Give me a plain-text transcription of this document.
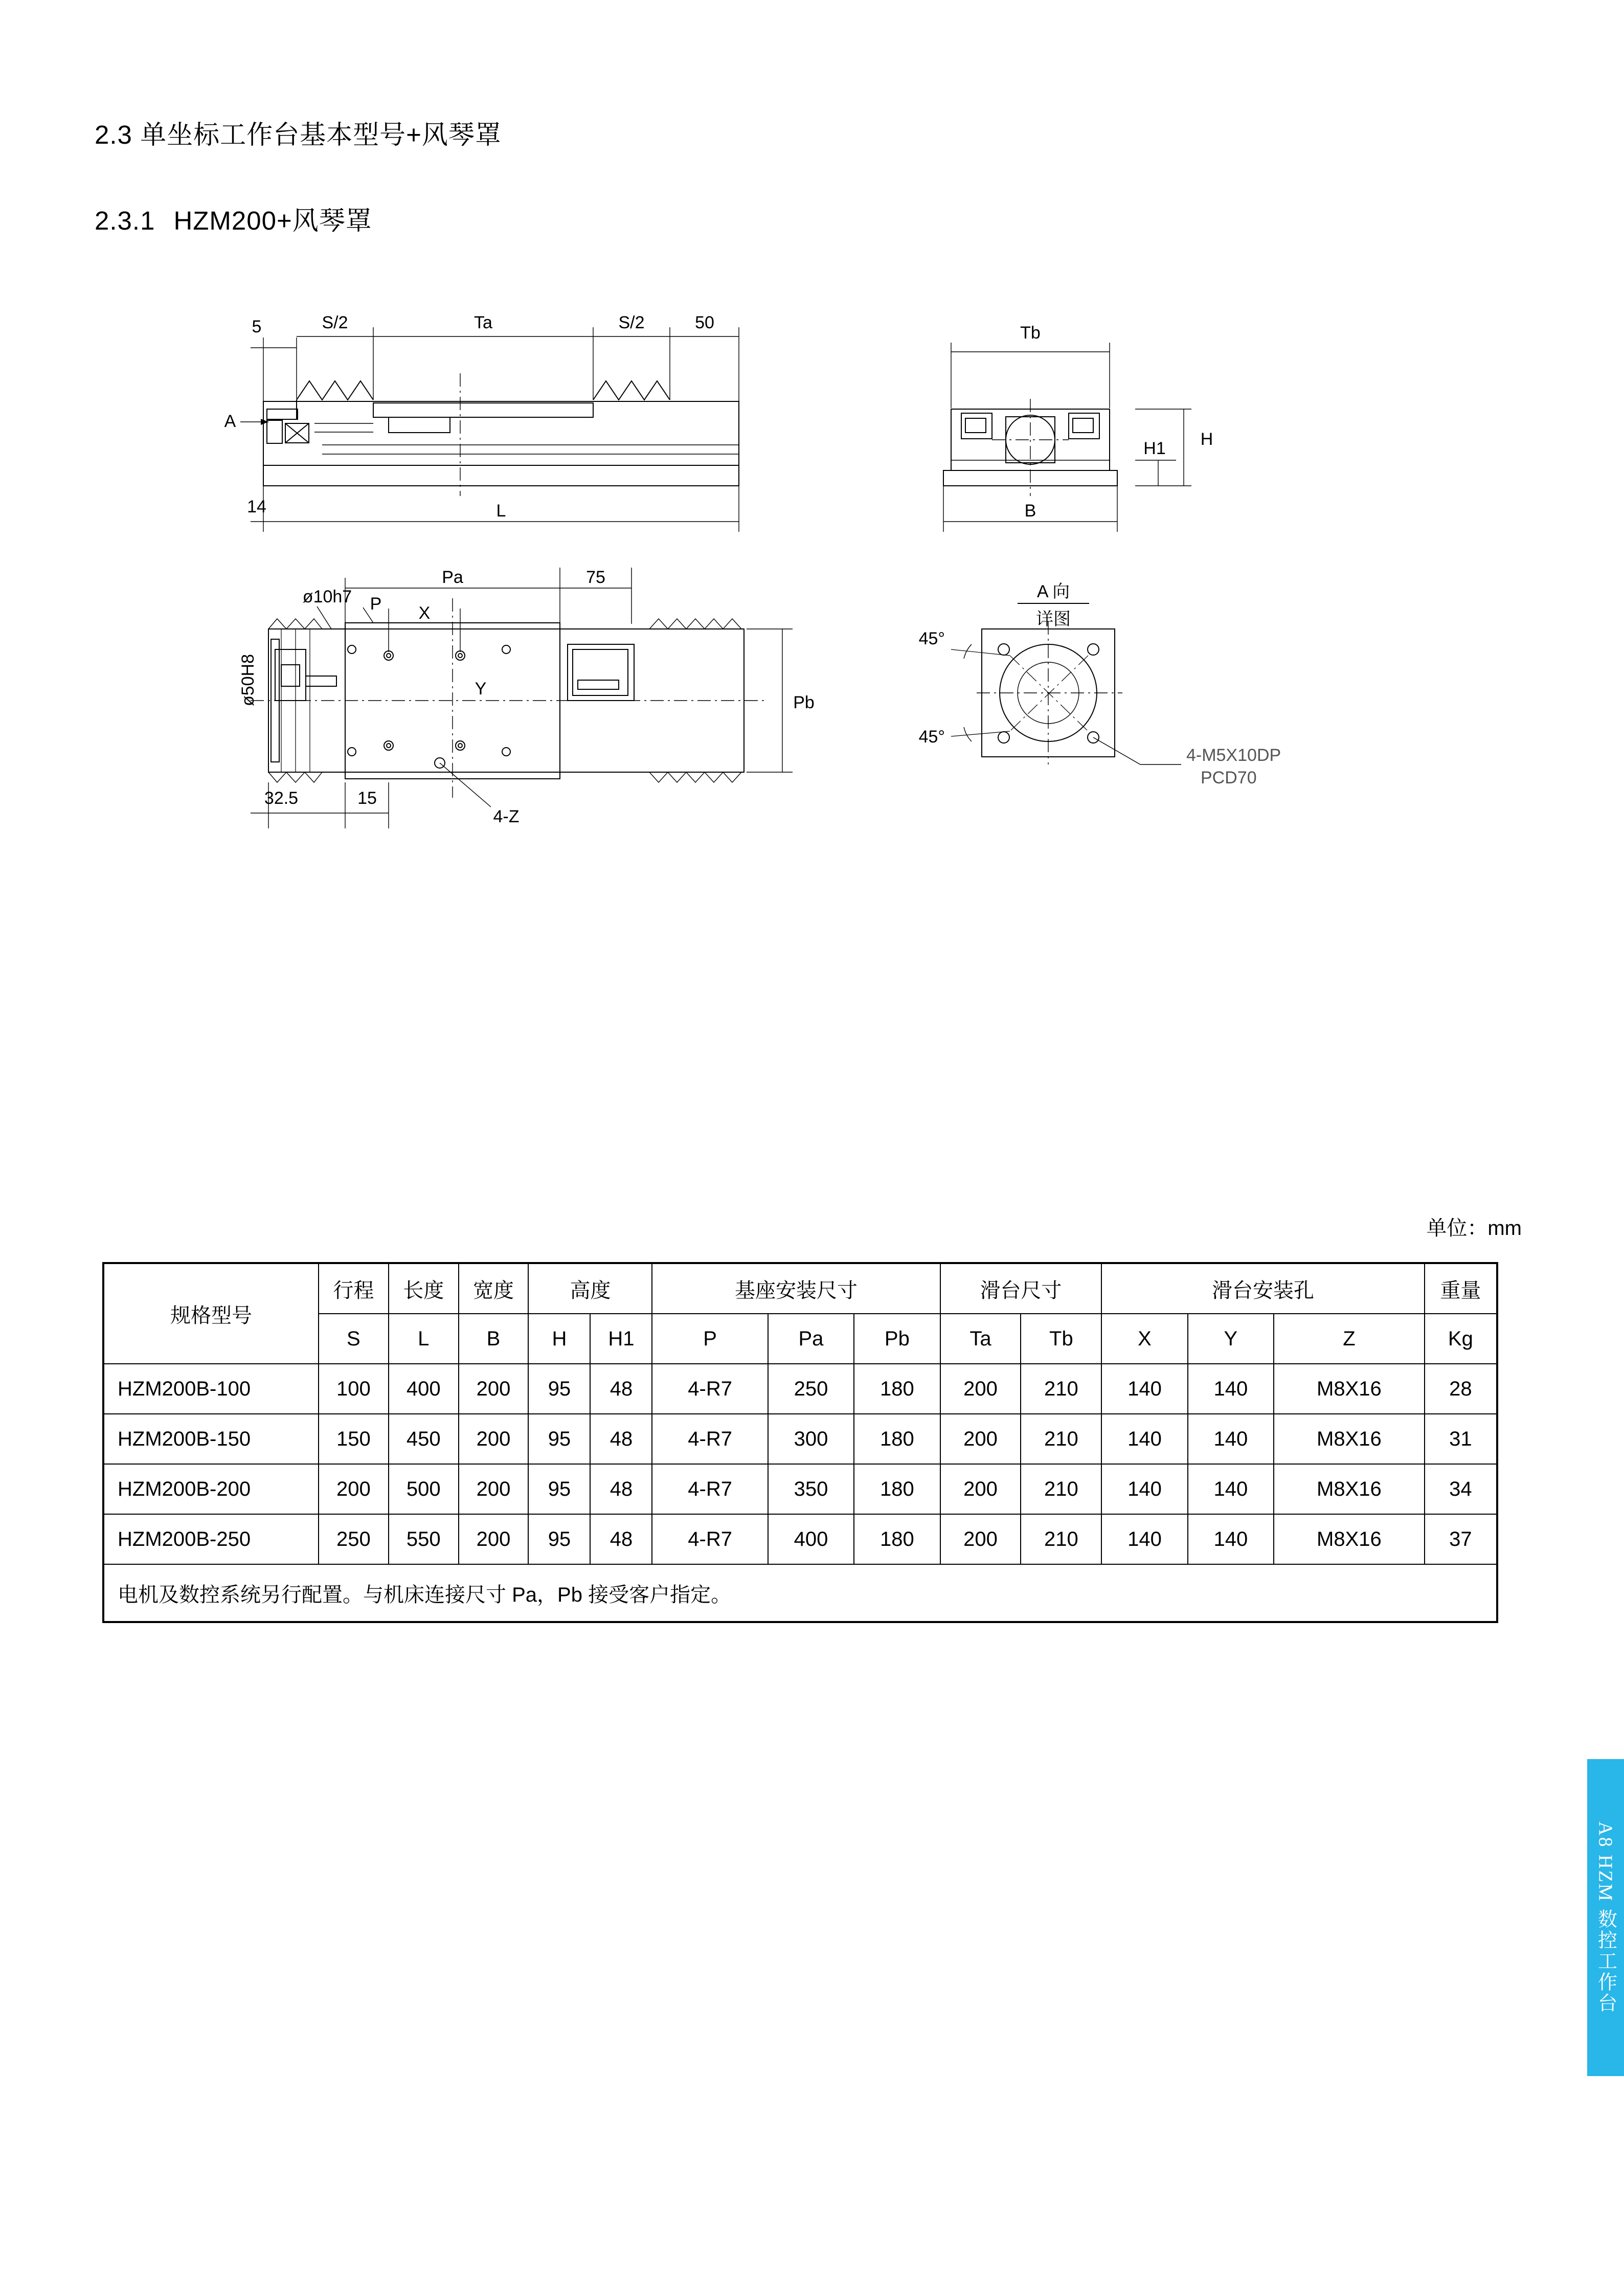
2.3 单坐标工作台基本型号+风琴罩
2.3.1 HZM200+风琴罩
5	S/2	Ta	S/2	50
L
14
A
Tb
B
H
H1
Pa	75
X
Pb
Y
32.5	15
P
ø10h7
ø50H8
4-Z
A 向
详图
45°
45°
4-M5X10DP
PCD70
单位：mm
规格型号	行程	长度	宽度	高度		基座安装尺寸			滑台尺寸		滑台安装孔			重量
	S	L	B	H	H1	P	Pa	Pb	Ta	Tb	X	Y	Z	Kg
HZM200B-100	100	400	200	95	48	4-R7	250	180	200	210	140	140	M8X16	28
HZM200B-150	150	450	200	95	48	4-R7	300	180	200	210	140	140	M8X16	31
HZM200B-200	200	500	200	95	48	4-R7	350	180	200	210	140	140	M8X16	34
HZM200B-250	250	550	200	95	48	4-R7	400	180	200	210	140	140	M8X16	37
电机及数控系统另行配置。与机床连接尺寸 Pa，Pb 接受客户指定。														
A8 HZM 数控工作台
